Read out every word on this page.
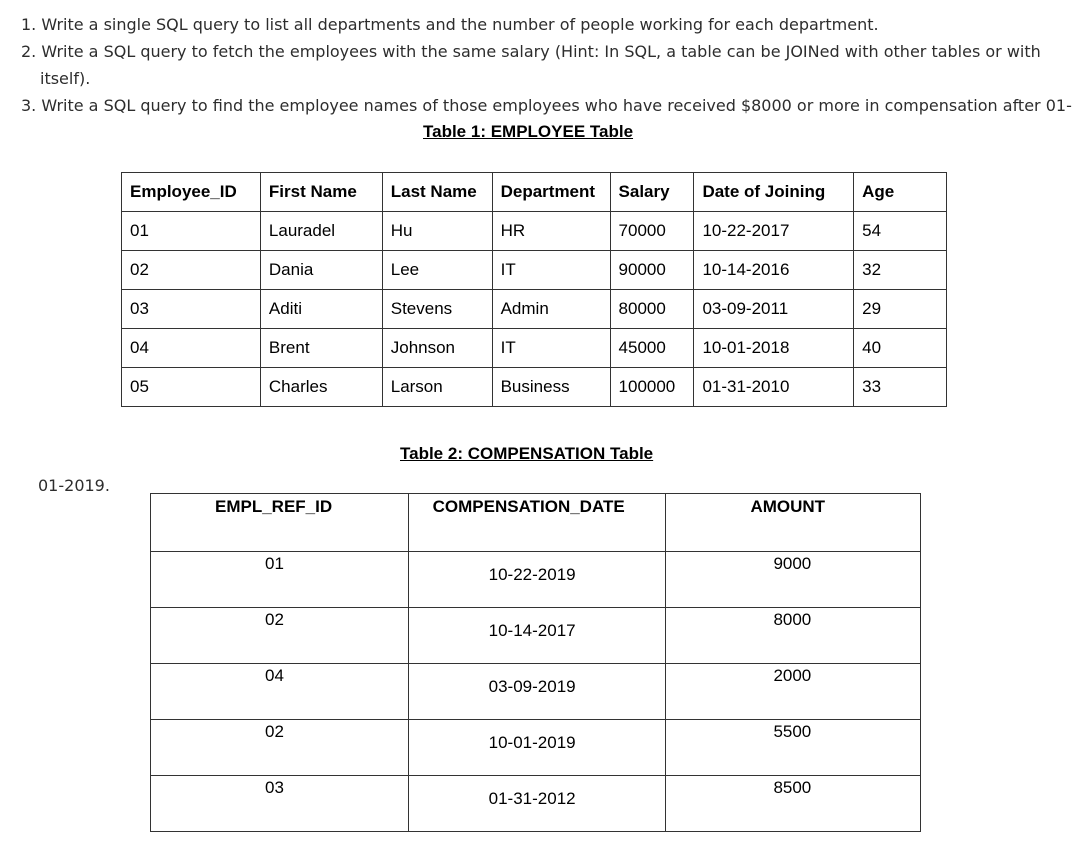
1. Write a single SQL query to list all departments and the number of people working for each department.
2. Write a SQL query to fetch the employees with the same salary (Hint: In SQL, a table can be JOINed with other tables or with
itself).
3. Write a SQL query to find the employee names of those employees who have received $8000 or more in compensation after 01-
01-2019.
Table 1: EMPLOYEE Table
Employee_ID	First Name	Last Name	Department	Salary	Date of Joining	Age
01	Lauradel	Hu	HR	70000	10-22-2017	54
02	Dania	Lee	IT	90000	10-14-2016	32
03	Aditi	Stevens	Admin	80000	03-09-2011	29
04	Brent	Johnson	IT	45000	10-01-2018	40
05	Charles	Larson	Business	100000	01-31-2010	33
Table 2: COMPENSATION Table
EMPL_REF_ID	COMPENSATION_DATE	AMOUNT

01	10-22-2019	9000

02	10-14-2017	8000

04	03-09-2019	2000

02	10-01-2019	5500

03	01-31-2012	8500
